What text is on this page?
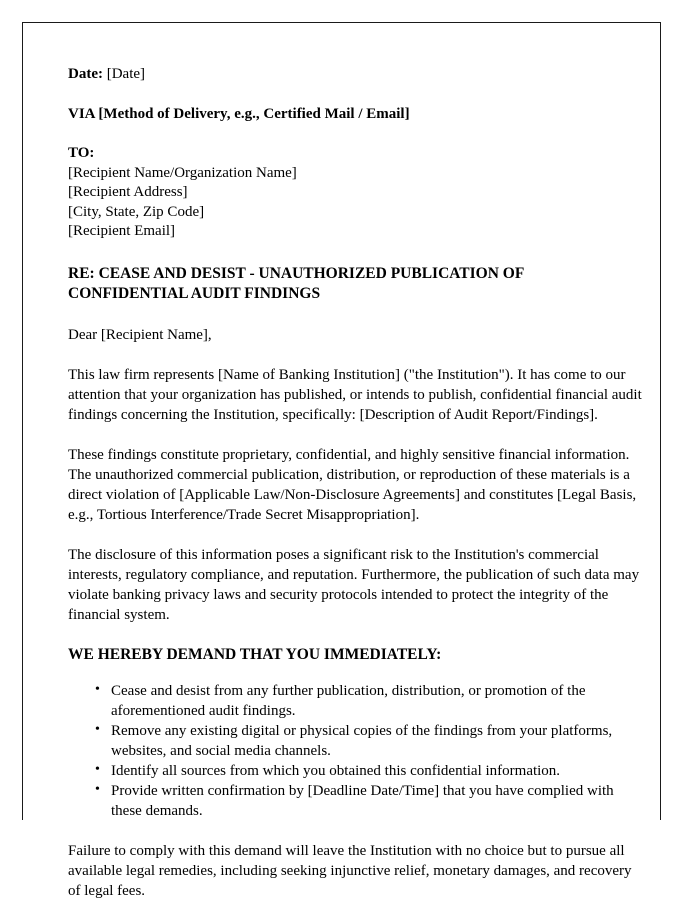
Date: [Date]
VIA [Method of Delivery, e.g., Certified Mail / Email]
TO:
[Recipient Name/Organization Name]
[Recipient Address]
[City, State, Zip Code]
[Recipient Email]
RE: CEASE AND DESIST - UNAUTHORIZED PUBLICATION OF CONFIDENTIAL AUDIT FINDINGS
Dear [Recipient Name],

This law firm represents [Name of Banking Institution] ("the Institution"). It has come to our attention that your organization has published, or intends to publish, confidential financial audit findings concerning the Institution, specifically: [Description of Audit Report/Findings].

These findings constitute proprietary, confidential, and highly sensitive financial information. The unauthorized commercial publication, distribution, or reproduction of these materials is a direct violation of [Applicable Law/Non-Disclosure Agreements] and constitutes [Legal Basis, e.g., Tortious Interference/Trade Secret Misappropriation].

The disclosure of this information poses a significant risk to the Institution's commercial interests, regulatory compliance, and reputation. Furthermore, the publication of such data may violate banking privacy laws and security protocols intended to protect the integrity of the financial system.

WE HEREBY DEMAND THAT YOU IMMEDIATELY:
• Cease and desist from any further publication, distribution, or promotion of the aforementioned audit findings.
• Remove any existing digital or physical copies of the findings from your platforms, websites, and social media channels.
• Identify all sources from which you obtained this confidential information.
• Provide written confirmation by [Deadline Date/Time] that you have complied with these demands.

Failure to comply with this demand will leave the Institution with no choice but to pursue all available legal remedies, including seeking injunctive relief, monetary damages, and recovery of legal fees.
